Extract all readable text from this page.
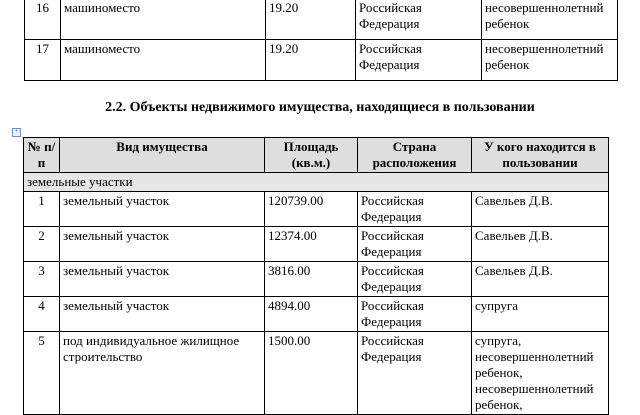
16	машиноместо	19.20	Российская Федерация	несовершеннолетний ребенок
17	машиноместо	19.20	Российская Федерация	несовершеннолетний ребенок
2.2. Объекты недвижимого имущества, находящиеся в пользовании
+
№ п/п	Вид имущества	Площадь (кв.м.)	Страна расположения	У кого находится в пользовании
земельные участки				
1	земельный участок	120739.00	Российская Федерация	Савельев Д.В.
2	земельный участок	12374.00	Российская Федерация	Савельев Д.В.
3	земельный участок	3816.00	Российская Федерация	Савельев Д.В.
4	земельный участок	4894.00	Российская Федерация	супруга
5	под индивидуальное жилищное строительство	1500.00	Российская Федерация	супруга, несовершеннолетний ребенок, несовершеннолетний ребенок,
